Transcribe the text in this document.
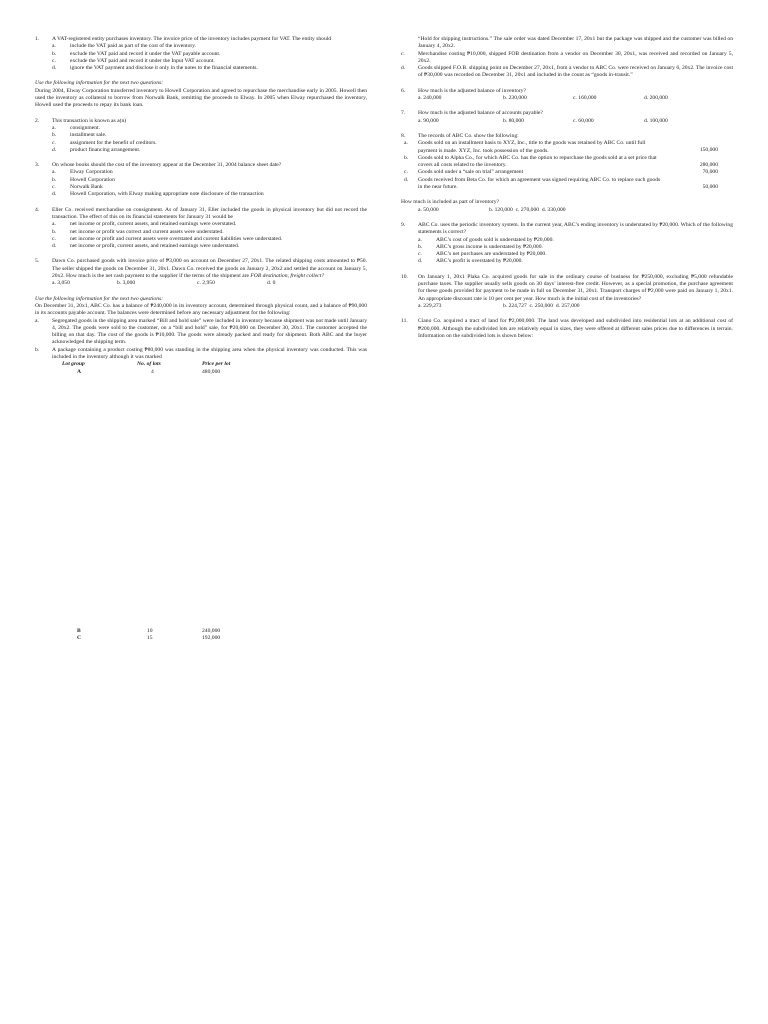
1. A VAT-registered entity purchases inventory. The invoice price of the inventory includes payment for VAT. The entity should
a.	include the VAT paid as part of the cost of the inventory.
b. exclude the VAT paid and record it under the VAT payable account.
c.	exclude the VAT paid and record it under the Input VAT account.
d. ignore the VAT payment and disclose it only in the notes to the financial statements.
Use the following information for the next two questions:
During 2004, Elway Corporation transferred inventory to Howell Corporation and agreed to repurchase the merchandise early in 2005. Howell then used the inventory as collateral to borrow from Norwalk Bank, remitting the proceeds to Elway. In 2005 when Elway repurchased the inventory, Howell used the proceeds to repay its bank loan.
2. This transaction is known as a(n)
a.	consignment.
b. installment sale.
c.	assignment for the benefit of creditors.
d. product financing arrangement.
3. On whose books should the cost of the inventory appear at the December 31, 2004 balance sheet date?
a.	Elway Corporation
b. Howell Corporation
c.	Norwalk Bank
d. Howell Corporation, with Elway making appropriate note disclosure of the transaction
4. Eller Co. received merchandise on consignment. As of January 31, Eller included the goods in physical inventory but did not record the transaction. The effect of this on its financial statements for January 31 would be
a.	net income or profit, current assets, and retained earnings were overstated.
b. net income or profit was correct and current assets were understated.
c.	net income or profit and current assets were overstated and current liabilities were understated.
d. net income or profit, current assets, and retained earnings were understated.
5. Dawn Co. purchased goods with invoice price of ₱3,000 on account on December 27, 20x1. The related shipping costs amounted to ₱50. The seller shipped the goods on December 31, 20x1. Dawn Co. received the goods on January 2, 20x2 and settled the account on January 5, 20x2. How much is the net cash payment to the supplier if the terms of the shipment are FOB destination, freight collect?
a. 3,050	b. 3,000	c. 2,950	d. 0
Use the following information for the next two questions:
On December 31, 20x1, ABC Co. has a balance of ₱240,000 in its inventory account, determined through physical count, and a balance of ₱90,000 in its accounts payable account. The balances were determined before any necessary adjustment for the following:
a. Segregated goods in the shipping area marked “Bill and hold sale” were included in inventory because shipment was not made until January 4, 20x2. The goods were sold to the customer, on a “bill and hold” sale, for ₱20,000 on December 30, 20x1. The customer accepted the billing on that day. The cost of the goods is ₱10,000. The goods were already packed and ready for shipment. Both ABC and the buyer acknowledged the shipping term.
b. A package containing a product costing ₱80,000 was standing in the shipping area when the physical inventory was conducted. This was included in the inventory although it was marked
Lot group	No. of lots	Price per lot
A	4	480,000
B	10	240,000
C	15	192,000
“Hold for shipping instructions.” The sale order was dated December 17, 20x1 but the package was shipped and the customer was billed on January 4, 20x2.
c. Merchandise costing ₱10,000, shipped FOB destination from a vendor on December 30, 20x1, was received and recorded on January 5, 20x2.
d. Goods shipped F.O.B. shipping point on December 27, 20x1, from a vendor to ABC Co. were received on January 6, 20x2. The invoice cost of ₱30,000 was recorded on December 31, 20x1 and included in the count as “goods in-transit.”
6. How much is the adjusted balance of inventory?
a. 240,000	b. 230,000	c. 160,000	d. 200,000
7. How much is the adjusted balance of accounts payable?
a. 90,000	b. 80,000	c. 60,000	d. 100,000
8. The records of ABC Co. show the following:
a. Goods sold on an installment basis to XYZ, Inc., title to the goods was retained by ABC Co. until full payment is made. XYZ, Inc. took possession of the goods.	150,000
b. Goods sold to Alpha Co., for which ABC Co. has the option to repurchase the goods sold at a set price that covers all costs related to the inventory.	280,000
c. Goods sold under a “sale on trial” arrangement	70,000
d. Goods received from Beta Co. for which an agreement was signed requiring ABC Co. to replace such goods in the near future.	50,000
How much is included as part of inventory?
a. 50,000                                    b. 120,000  c. 270,000  d. 330,000
9. ABC Co. uses the periodic inventory system. In the current year, ABC’s ending inventory is understated by ₱20,000. Which of the following statements is correct?
a.	ABC’s cost of goods sold is understated by ₱20,000.
b. ABC’s gross income is understated by ₱20,000.
c.	ABC’s net purchases are understated by ₱20,000.
d. ABC’s profit is overstated by ₱20,000.
10. On January 1, 20x1 Plaka Co. acquired goods for sale in the ordinary course of business for ₱250,000, excluding ₱5,000 refundable purchase taxes. The supplier usually sells goods on 30 days’ interest-free credit. However, as a special promotion, the purchase agreement for these goods provided for payment to be made in full on December 31, 20x1. Transport charges of ₱2,000 were paid on January 1, 20x1. An appropriate discount rate is 10 per cent per year. How much is the initial cost of the inventories?
a. 229,273                                            b. 224,727  c. 250,000  d. 257,000
11. Ciano Co. acquired a tract of land for ₱2,000,000. The land was developed and subdivided into residential lots at an additional cost of ₱200,000. Although the subdivided lots are relatively equal in sizes, they were offered at different sales prices due to differences in terrain. Information on the subdivided lots is shown below:
